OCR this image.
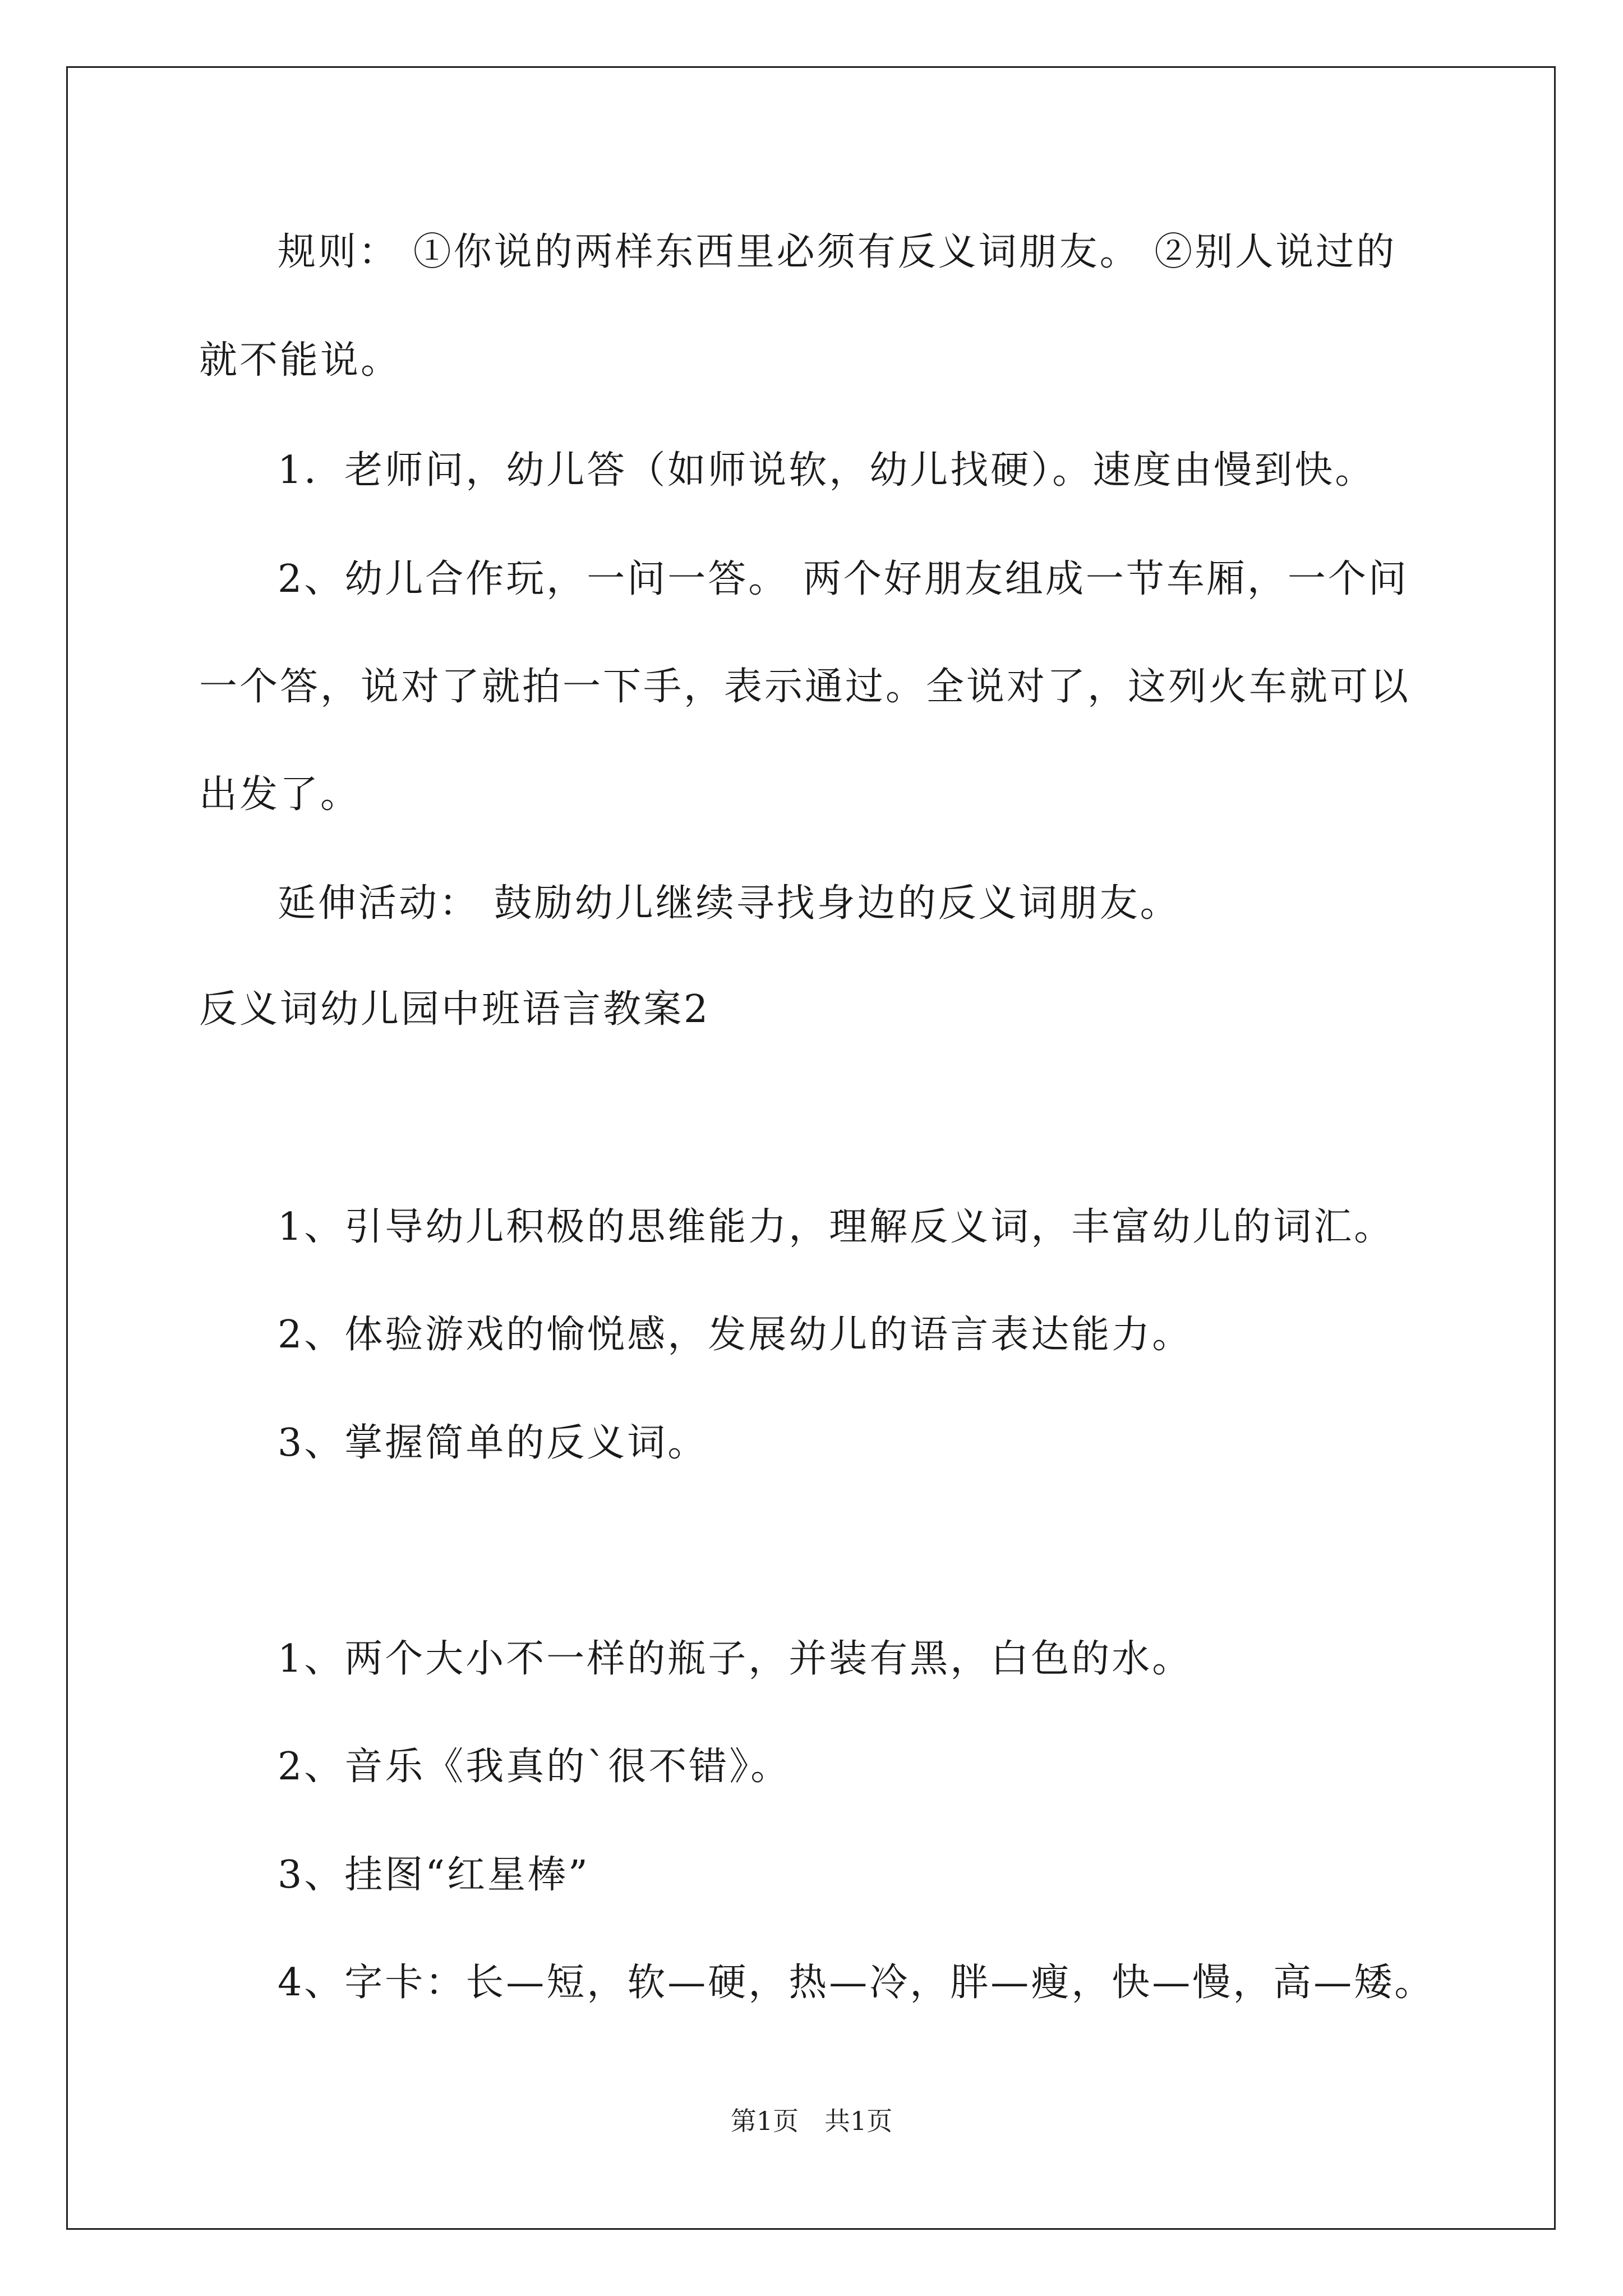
规则： ①你说的两样东西里必须有反义词朋友。 ②别人说过的
就不能说。
1．老师问，幼儿答（如师说软，幼儿找硬）。速度由慢到快。
2、幼儿合作玩，一问一答。 两个好朋友组成一节车厢，一个问
一个答，说对了就拍一下手，表示通过。全说对了，这列火车就可以
出发了。
延伸活动： 鼓励幼儿继续寻找身边的反义词朋友。
反义词幼儿园中班语言教案2
1、引导幼儿积极的思维能力，理解反义词，丰富幼儿的词汇。
2、体验游戏的愉悦感，发展幼儿的语言表达能力。
3、掌握简单的反义词。
1、两个大小不一样的瓶子，并装有黑，白色的水。
2、音乐《我真的`很不错》。
3、挂图“红星棒”
4、字卡：长—短，软—硬，热—冷，胖—瘦，快—慢，高—矮。
第1页　共1页
